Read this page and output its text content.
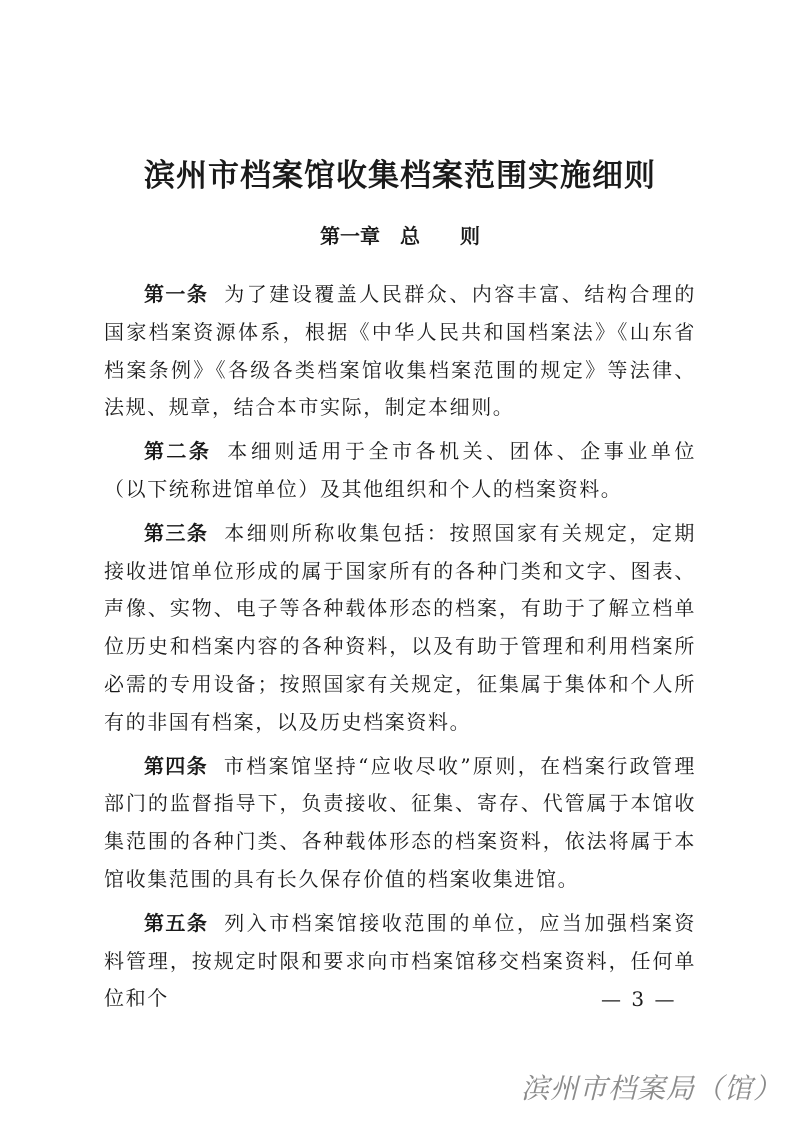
滨州市档案馆收集档案范围实施细则
第一章　总　　则

第一条 为了建设覆盖人民群众、内容丰富、结构合理的国家档案资源体系，根据《中华人民共和国档案法》《山东省档案条例》《各级各类档案馆收集档案范围的规定》等法律、法规、规章，结合本市实际，制定本细则。

第二条 本细则适用于全市各机关、团体、企事业单位（以下统称进馆单位）及其他组织和个人的档案资料。

第三条 本细则所称收集包括：按照国家有关规定，定期接收进馆单位形成的属于国家所有的各种门类和文字、图表、声像、实物、电子等各种载体形态的档案，有助于了解立档单位历史和档案内容的各种资料，以及有助于管理和利用档案所必需的专用设备；按照国家有关规定，征集属于集体和个人所有的非国有档案，以及历史档案资料。

第四条 市档案馆坚持“应收尽收”原则，在档案行政管理部门的监督指导下，负责接收、征集、寄存、代管属于本馆收集范围的各种门类、各种载体形态的档案资料，依法将属于本馆收集范围的具有长久保存价值的档案收集进馆。

第五条 列入市档案馆接收范围的单位，应当加强档案资料管理，按规定时限和要求向市档案馆移交档案资料，任何单位和个	— 3 —
滨州市档案局（馆）
